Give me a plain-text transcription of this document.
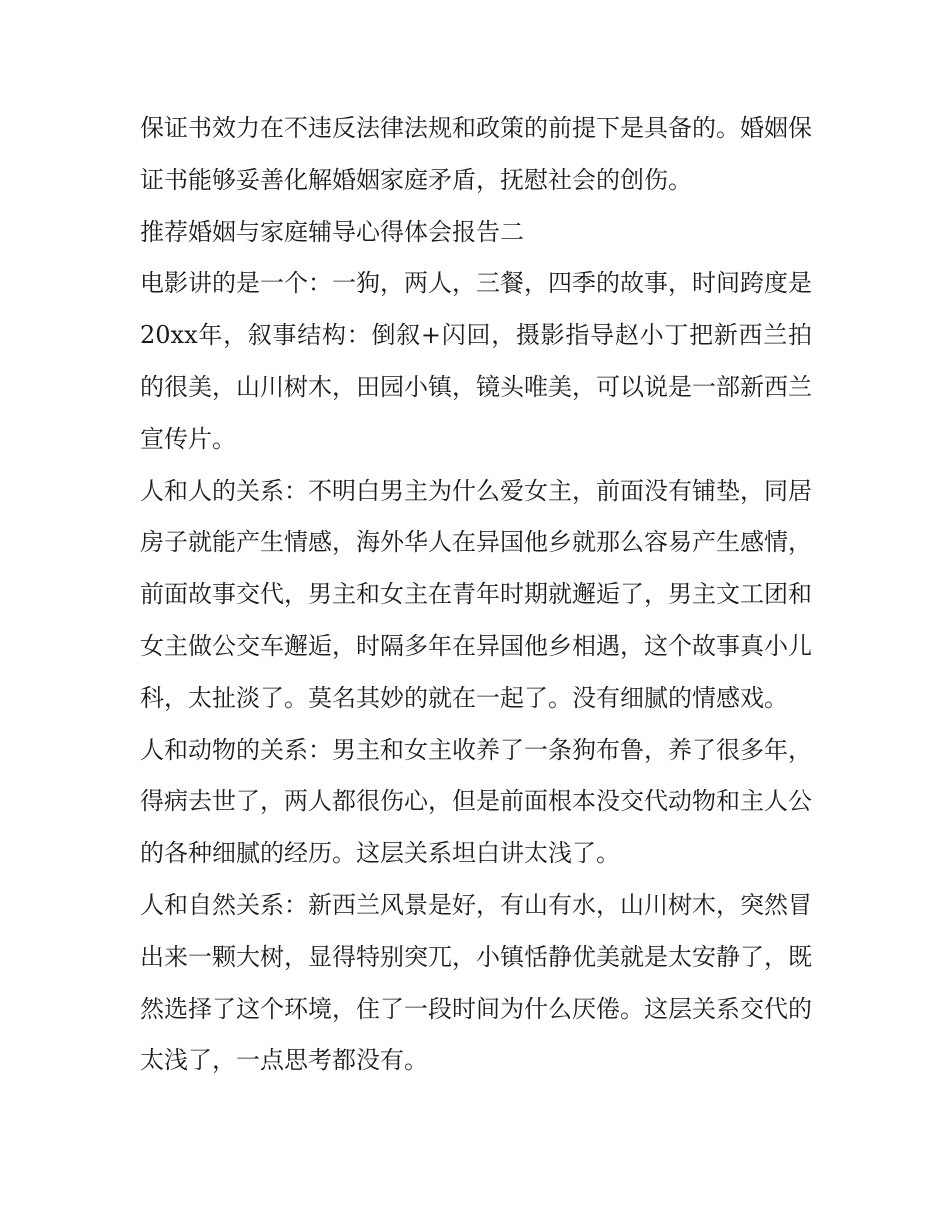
保证书效力在不违反法律法规和政策的前提下是具备的。婚姻保证书能够妥善化解婚姻家庭矛盾，抚慰社会的创伤。

推荐婚姻与家庭辅导心得体会报告二

电影讲的是一个：一狗，两人，三餐，四季的故事，时间跨度是20xx年，叙事结构：倒叙+闪回，摄影指导赵小丁把新西兰拍的很美，山川树木，田园小镇，镜头唯美，可以说是一部新西兰宣传片。

人和人的关系：不明白男主为什么爱女主，前面没有铺垫，同居房子就能产生情感，海外华人在异国他乡就那么容易产生感情，前面故事交代，男主和女主在青年时期就邂逅了，男主文工团和女主做公交车邂逅，时隔多年在异国他乡相遇，这个故事真小儿科，太扯淡了。莫名其妙的就在一起了。没有细腻的情感戏。

人和动物的关系：男主和女主收养了一条狗布鲁，养了很多年，得病去世了，两人都很伤心，但是前面根本没交代动物和主人公的各种细腻的经历。这层关系坦白讲太浅了。

人和自然关系：新西兰风景是好，有山有水，山川树木，突然冒出来一颗大树，显得特别突兀，小镇恬静优美就是太安静了，既然选择了这个环境，住了一段时间为什么厌倦。这层关系交代的太浅了，一点思考都没有。
